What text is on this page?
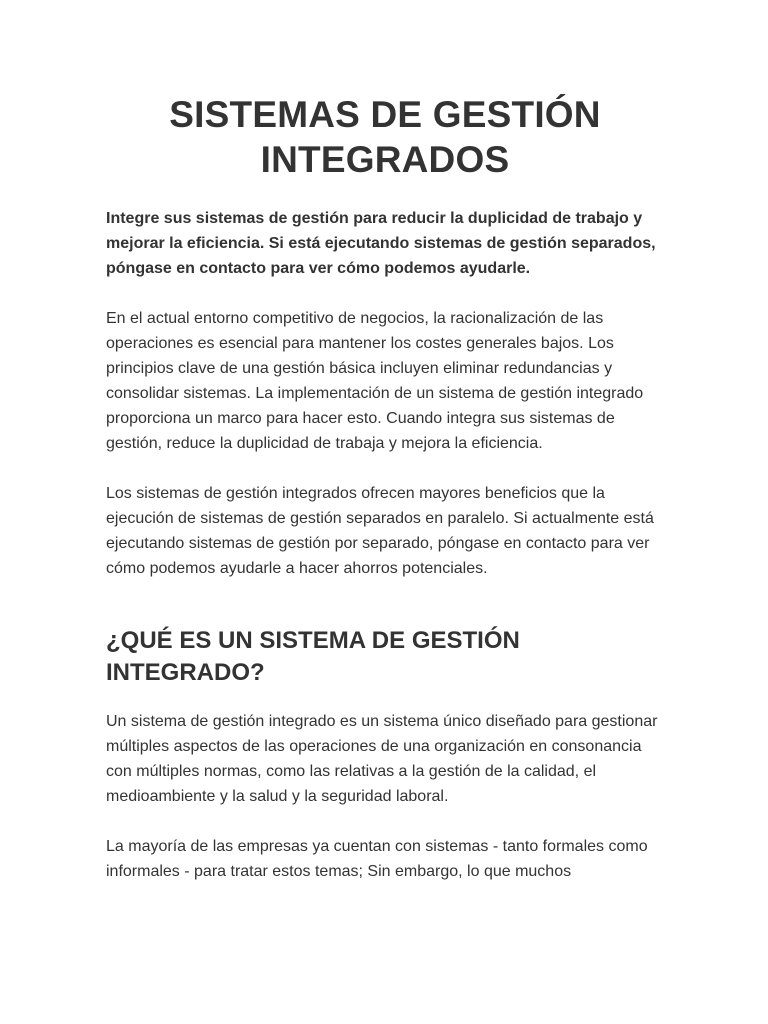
SISTEMAS DE GESTIÓN INTEGRADOS

Integre sus sistemas de gestión para reducir la duplicidad de trabajo y mejorar la eficiencia. Si está ejecutando sistemas de gestión separados, póngase en contacto para ver cómo podemos ayudarle.

En el actual entorno competitivo de negocios, la racionalización de las operaciones es esencial para mantener los costes generales bajos. Los principios clave de una gestión básica incluyen eliminar redundancias y consolidar sistemas. La implementación de un sistema de gestión integrado proporciona un marco para hacer esto. Cuando integra sus sistemas de gestión, reduce la duplicidad de trabaja y mejora la eficiencia.

Los sistemas de gestión integrados ofrecen mayores beneficios que la ejecución de sistemas de gestión separados en paralelo. Si actualmente está ejecutando sistemas de gestión por separado, póngase en contacto para ver cómo podemos ayudarle a hacer ahorros potenciales.

¿QUÉ ES UN SISTEMA DE GESTIÓN INTEGRADO?

Un sistema de gestión integrado es un sistema único diseñado para gestionar múltiples aspectos de las operaciones de una organización en consonancia con múltiples normas, como las relativas a la gestión de la calidad, el medioambiente y la salud y la seguridad laboral.

La mayoría de las empresas ya cuentan con sistemas - tanto formales como informales - para tratar estos temas; Sin embargo, lo que muchos
